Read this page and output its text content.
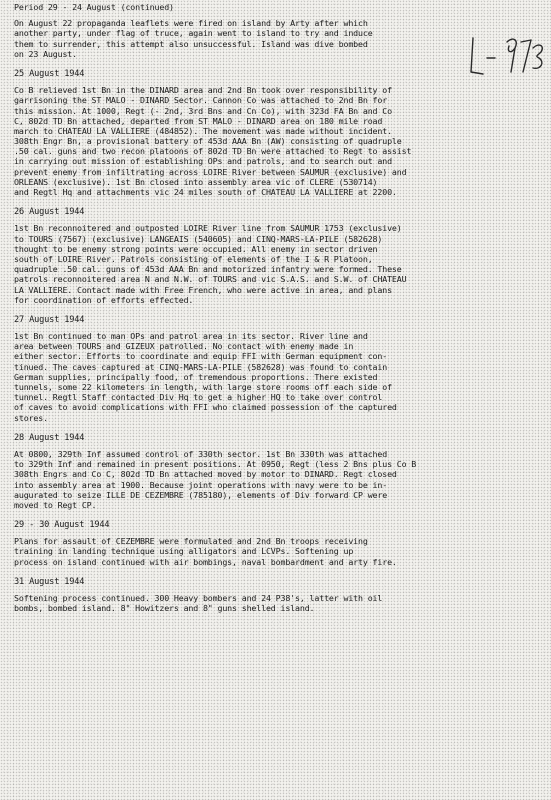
Period 29 - 24 August (continued)
On August 22 propaganda leaflets were fired on island by Arty after which
another party, under flag of truce, again went to island to try and induce
them to surrender, this attempt also unsuccessful. Island was dive bombed
on 23 August.
25 August 1944
Co B relieved 1st Bn in the DINARD area and 2nd Bn took over responsibility of
garrisoning the ST MALO - DINARD Sector. Cannon Co was attached to 2nd Bn for
this mission. At 1000, Regt (- 2nd, 3rd Bns and Cn Co), with 323d FA Bn and Co
C, 802d TD Bn attached, departed from ST MALO - DINARD area on 180 mile road
march to CHATEAU LA VALLIERE (484852). The movement was made without incident.
308th Engr Bn, a provisional battery of 453d AAA Bn (AW) consisting of quadruple
.50 cal. guns and two recon platoons of 802d TD Bn were attached to Regt to assist
in carrying out mission of establishing OPs and patrols, and to search out and
prevent enemy from infiltrating across LOIRE River between SAUMUR (exclusive) and
ORLEANS (exclusive). 1st Bn closed into assembly area vic of CLERE (530714)
and Regtl Hq and attachments vic 24 miles south of CHATEAU LA VALLIERE at 2200.
26 August 1944
1st Bn reconnoitered and outposted LOIRE River line from SAUMUR 1753 (exclusive)
to TOURS (7567) (exclusive) LANGEAIS (540605) and CINQ-MARS-LA-PILE (582628)
thought to be enemy strong points were occupied. All enemy in sector driven
south of LOIRE River. Patrols consisting of elements of the I & R Platoon,
quadruple .50 cal. guns of 453d AAA Bn and motorized infantry were formed. These
patrols reconnoitered area N and N.W. of TOURS and vic S.A.S. and S.W. of CHATEAU
LA VALLIERE. Contact made with Free French, who were active in area, and plans
for coordination of efforts effected.
27 August 1944
1st Bn continued to man OPs and patrol area in its sector. River line and
area between TOURS and GIZEUX patrolled. No contact with enemy made in
either sector. Efforts to coordinate and equip FFI with German equipment con-
tinued. The caves captured at CINQ-MARS-LA-PILE (582628) was found to contain
German supplies, principally food, of tremendous proportions. There existed
tunnels, some 22 kilometers in length, with large store rooms off each side of
tunnel. Regtl Staff contacted Div Hq to get a higher HQ to take over control
of caves to avoid complications with FFI who claimed possession of the captured
stores.
28 August 1944
At 0800, 329th Inf assumed control of 330th sector. 1st Bn 330th was attached
to 329th Inf and remained in present positions. At 0950, Regt (less 2 Bns plus Co B
308th Engrs and Co C, 802d TD Bn attached moved by motor to DINARD. Regt closed
into assembly area at 1900. Because joint operations with navy were to be in-
augurated to seize ILLE DE CEZEMBRE (785180), elements of Div forward CP were
moved to Regt CP.
29 - 30 August 1944
Plans for assault of CEZEMBRE were formulated and 2nd Bn troops receiving
training in landing technique using alligators and LCVPs. Softening up
process on island continued with air bombings, naval bombardment and arty fire.
31 August 1944
Softening process continued. 300 Heavy bombers and 24 P38's, latter with oil
bombs, bombed island. 8" Howitzers and 8" guns shelled island.
